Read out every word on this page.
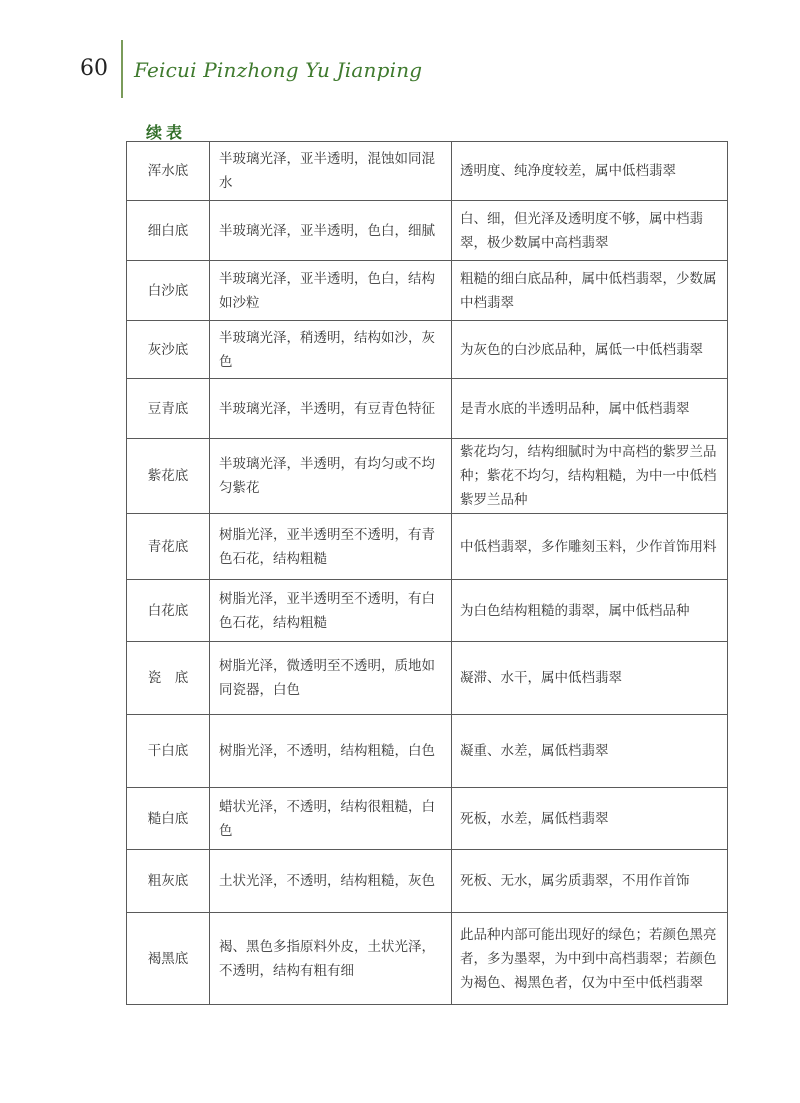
60 Feicui Pinzhong Yu Jianping
续表
浑水底	半玻璃光泽，亚半透明，混蚀如同混水	透明度、纯净度较差，属中低档翡翠
细白底	半玻璃光泽，亚半透明，色白，细腻	白、细，但光泽及透明度不够，属中档翡翠，极少数属中高档翡翠
白沙底	半玻璃光泽，亚半透明，色白，结构如沙粒	粗糙的细白底品种，属中低档翡翠，少数属中档翡翠
灰沙底	半玻璃光泽，稍透明，结构如沙，灰色	为灰色的白沙底品种，属低一中低档翡翠
豆青底	半玻璃光泽，半透明，有豆青色特征	是青水底的半透明品种，属中低档翡翠
紫花底	半玻璃光泽，半透明，有均匀或不均匀紫花	紫花均匀，结构细腻时为中高档的紫罗兰品种；紫花不均匀，结构粗糙，为中一中低档紫罗兰品种
青花底	树脂光泽，亚半透明至不透明，有青色石花，结构粗糙	中低档翡翠，多作雕刻玉料，少作首饰用料
白花底	树脂光泽，亚半透明至不透明，有白色石花，结构粗糙	为白色结构粗糙的翡翠，属中低档品种
瓷　底	树脂光泽，微透明至不透明，质地如同瓷器，白色	凝滞、水干，属中低档翡翠
干白底	树脂光泽，不透明，结构粗糙，白色	凝重、水差，属低档翡翠
糙白底	蜡状光泽，不透明，结构很粗糙，白色	死板，水差，属低档翡翠
粗灰底	土状光泽，不透明，结构粗糙，灰色	死板、无水，属劣质翡翠，不用作首饰
褐黑底	褐、黑色多指原料外皮，土状光泽，不透明，结构有粗有细	此品种内部可能出现好的绿色；若颜色黑亮者，多为墨翠，为中到中高档翡翠；若颜色为褐色、褐黑色者，仅为中至中低档翡翠
